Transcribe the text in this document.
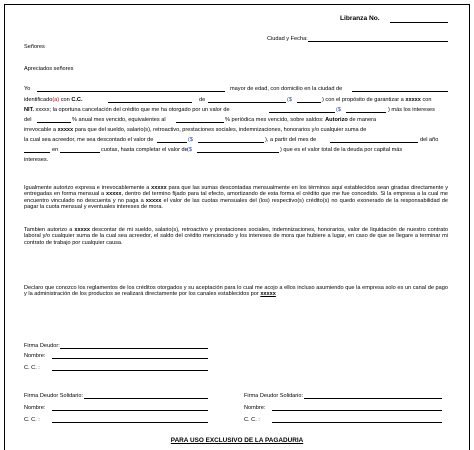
Libranza No.
Ciudad y Fecha:
Señores
Apreciados señores
Yo	mayor de edad, con domicilio en la ciudad de
identificado(a) con C.C.	de	($	) con el propósito de garantizar a xxxxx con
NIT. xxxxx; la oportuna cancelación del crédito que me ha otorgado por un valor de	($	) más los intereses
del	% anual mes vencido, equivalentes al	% periódica mes vencido, sobre saldos: Autorizo de manera
irrevocable a xxxxx para que del sueldo, salario(s), retroactivo, prestaciones sociales, indemnizaciones, honorarios y/o cualquier suma de
la cual sea acreedor, me sea descontado el valor de	($	), a partir del mes de	del año
en	cuotas, hasta completar el valor de ($	) que es el valor total de la deuda por capital más
intereses.
Igualmente autorizo expresa e irrevocablemente a xxxxx para que las sumas descontadas mensualmente en los términos aquí establecidos sean giradas directamente y entregadas en forma mensual a xxxxx, dentro del termino fijado para tal efecto, amortizando de esta forma el crédito que me fue concedido. Si la empresa a la cual me encuentro vinculado no descuenta y no paga a xxxxx el valor de las cuotas mensuales del (los) respectivo(s) crédito(s) no quedo exonerado de la responsabilidad de pagar la cuota mensual y eventuales intereses de mora.
Tambien autorizo a xxxxx descontar de mi sueldo, salario(s), retroactivo y prestaciones sociales, indemnizaciones, honorarios, valor de liquidación de nuestro contrato laboral y/o cualquier suma de la cual sea acreedor, el saldo del crédito mencionado y los intereses de mora que hubiere a lugar, en caso de que se llegare a terminar mi contrato de trabajo por cualquier causa.
Declaro que conozco los reglamentos de los créditos otorgados y su aceptación para lo cual me acojo a ellos incluso asumiendo que la empresa solo es un canal de pago y la administración de los productos se realizará directamente por los canales establecidos por xxxxx
Firma Deudor:
Nombre:
C. C. :
Firma Deudor Solidario:
Nombre:
C. C. :
Firma Deudor Solidario:
Nombre:
C. C. :
PARA USO EXCLUSIVO DE LA PAGADURIA
